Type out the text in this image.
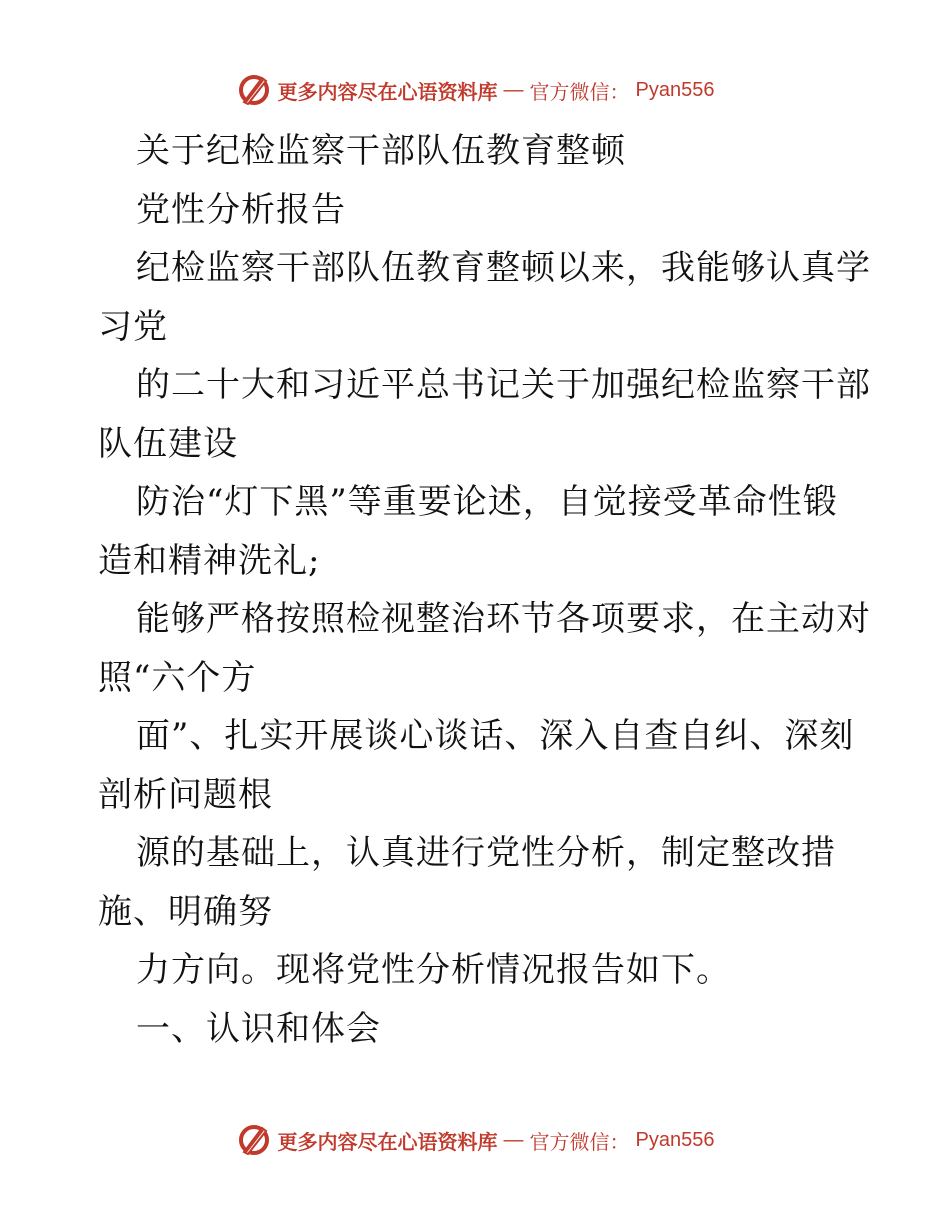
更多内容尽在心语资料库 — 官方微信： Pyan556
关于纪检监察干部队伍教育整顿
党性分析报告
纪检监察干部队伍教育整顿以来，我能够认真学
习党
的二十大和习近平总书记关于加强纪检监察干部
队伍建设
防治“灯下黑”等重要论述，自觉接受革命性锻
造和精神洗礼;
能够严格按照检视整治环节各项要求，在主动对
照“六个方
面”、扎实开展谈心谈话、深入自查自纠、深刻
剖析问题根
源的基础上，认真进行党性分析，制定整改措
施、明确努
力方向。现将党性分析情况报告如下。
一、认识和体会
更多内容尽在心语资料库 — 官方微信： Pyan556
